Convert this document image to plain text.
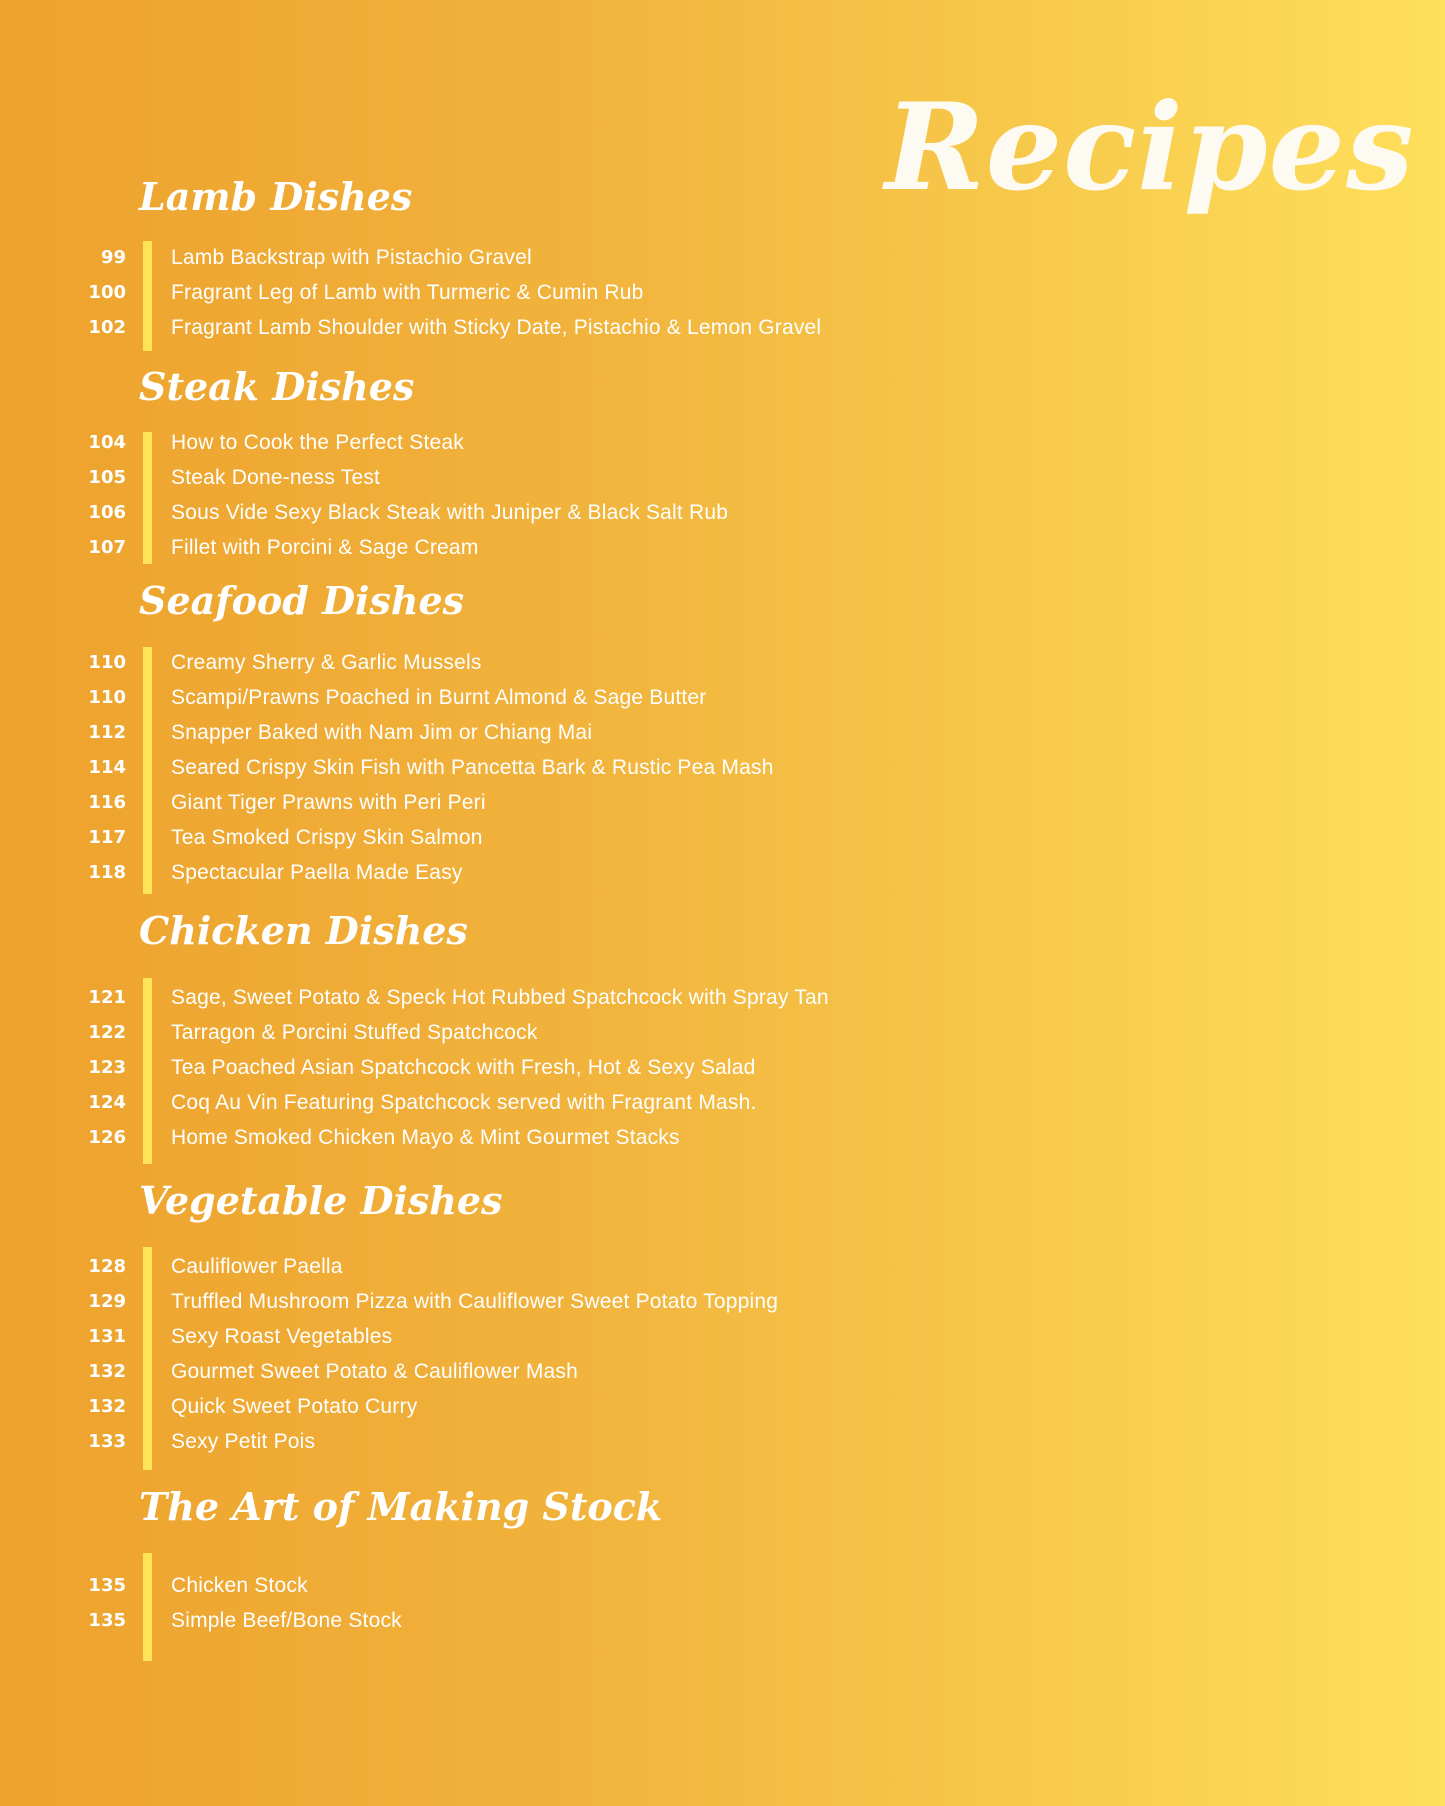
Recipes
Lamb Dishes
99 Lamb Backstrap with Pistachio Gravel
100 Fragrant Leg of Lamb with Turmeric & Cumin Rub
102 Fragrant Lamb Shoulder with Sticky Date, Pistachio & Lemon Gravel
Steak Dishes
104 How to Cook the Perfect Steak
105 Steak Done-ness Test
106 Sous Vide Sexy Black Steak with Juniper & Black Salt Rub
107 Fillet with Porcini & Sage Cream
Seafood Dishes
110 Creamy Sherry & Garlic Mussels
110 Scampi/Prawns Poached in Burnt Almond & Sage Butter
112 Snapper Baked with Nam Jim or Chiang Mai
114 Seared Crispy Skin Fish with Pancetta Bark & Rustic Pea Mash
116 Giant Tiger Prawns with Peri Peri
117 Tea Smoked Crispy Skin Salmon
118 Spectacular Paella Made Easy
Chicken Dishes
121 Sage, Sweet Potato & Speck Hot Rubbed Spatchcock with Spray Tan
122 Tarragon & Porcini Stuffed Spatchcock
123 Tea Poached Asian Spatchcock with Fresh, Hot & Sexy Salad
124 Coq Au Vin Featuring Spatchcock served with Fragrant Mash.
126 Home Smoked Chicken Mayo & Mint Gourmet Stacks
Vegetable Dishes
128 Cauliflower Paella
129 Truffled Mushroom Pizza with Cauliflower Sweet Potato Topping
131 Sexy Roast Vegetables
132 Gourmet Sweet Potato & Cauliflower Mash
132 Quick Sweet Potato Curry
133 Sexy Petit Pois
The Art of Making Stock
135 Chicken Stock
135 Simple Beef/Bone Stock
